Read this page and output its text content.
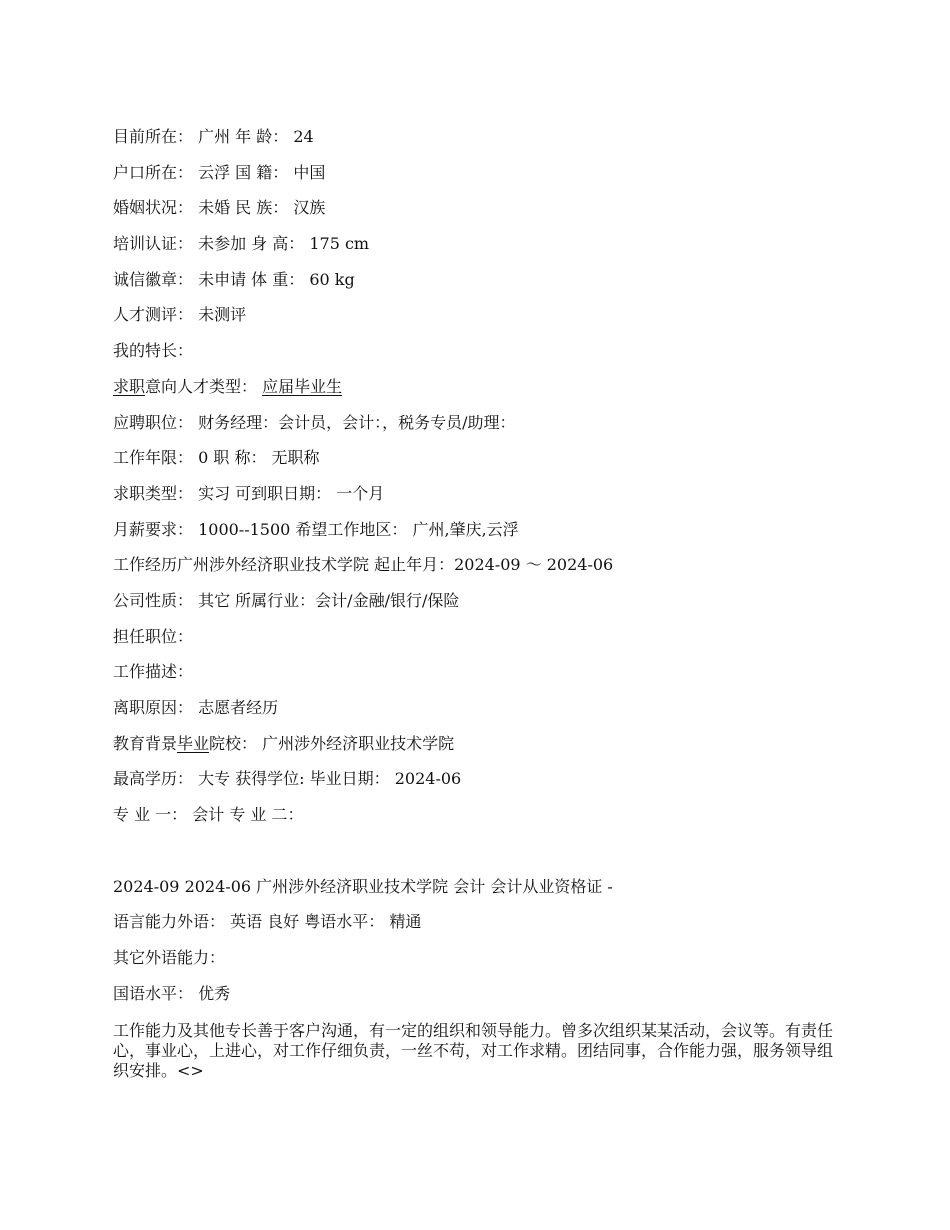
目前所在： 广州 年 龄： 24
户口所在： 云浮 国 籍： 中国
婚姻状况： 未婚 民 族： 汉族
培训认证： 未参加 身 高： 175 cm
诚信徽章： 未申请 体 重： 60 kg
人才测评： 未测评
我的特长：
求职意向人才类型： 应届毕业生
应聘职位： 财务经理：会计员，会计：，税务专员/助理：
工作年限： 0 职 称： 无职称
求职类型： 实习 可到职日期： 一个月
月薪要求： 1000--1500 希望工作地区： 广州,肇庆,云浮
工作经历广州涉外经济职业技术学院 起止年月：2024-09 ～ 2024-06
公司性质： 其它 所属行业：会计/金融/银行/保险
担任职位：
工作描述：
离职原因： 志愿者经历
教育背景毕业院校： 广州涉外经济职业技术学院
最高学历： 大专 获得学位: 毕业日期： 2024-06
专 业 一： 会计 专 业 二：
2024-09 2024-06 广州涉外经济职业技术学院 会计 会计从业资格证 -
语言能力外语： 英语 良好 粤语水平： 精通
其它外语能力：
国语水平： 优秀
工作能力及其他专长善于客户沟通，有一定的组织和领导能力。曾多次组织某某活动，会议等。有责任心，事业心，上进心，对工作仔细负责，一丝不苟，对工作求精。团结同事，合作能力强，服务领导组织安排。<>
